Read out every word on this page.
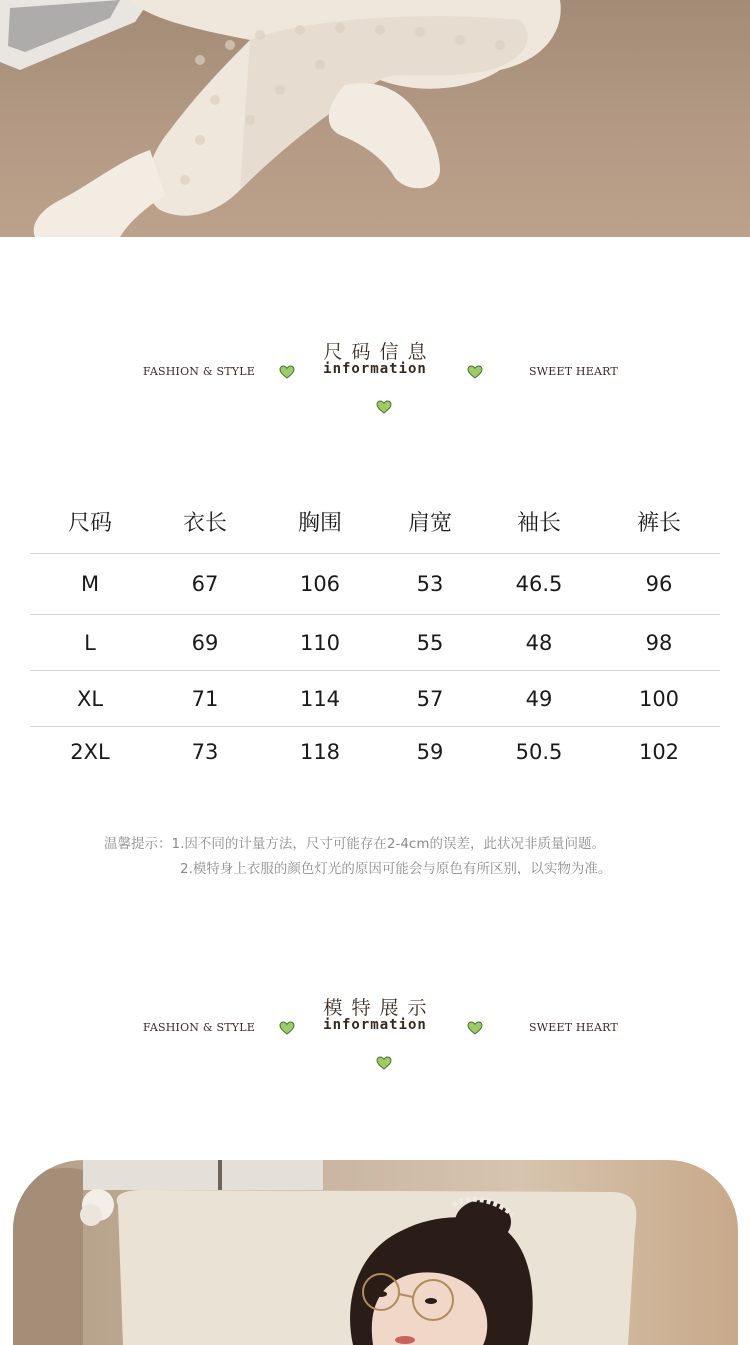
尺码信息
FASHION & STYLE	information	SWEET HEART
尺码	衣长	胸围	肩宽	袖长	裤长
M	67	106	53	46.5	96
L	69	110	55	48	98
XL	71	114	57	49	100
2XL	73	118	59	50.5	102
温馨提示：1.因不同的计量方法，尺寸可能存在2-4cm的误差，此状况非质量问题。
2.模特身上衣服的颜色灯光的原因可能会与原色有所区别，以实物为准。
模特展示
FASHION & STYLE	information	SWEET HEART
